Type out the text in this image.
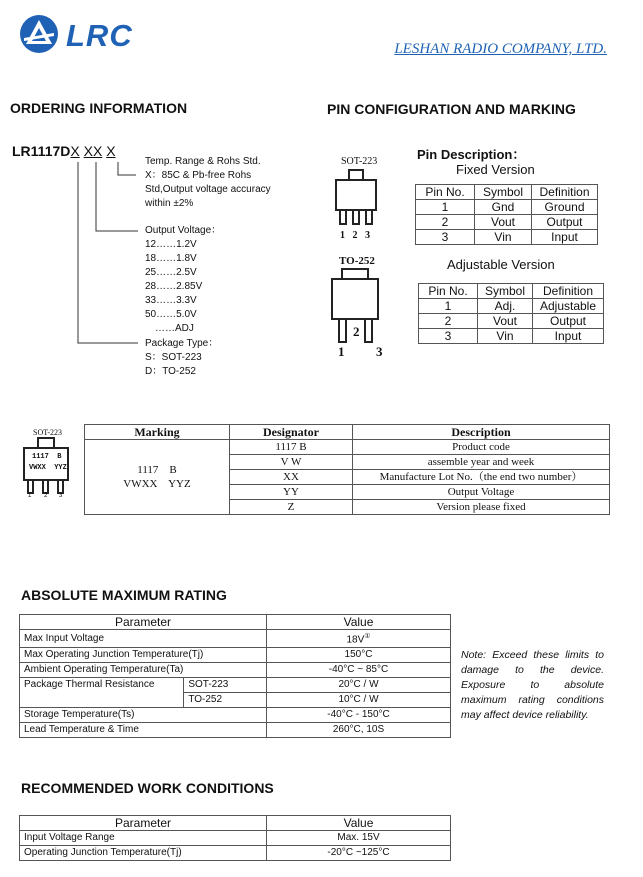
LRC	LESHAN RADIO COMPANY, LTD.
ORDERING INFORMATION
LR1117DX XX X
Temp. Range & Rohs Std.
X：85C & Pb-free Rohs
Std,Output voltage accuracy
within ±2%
Output Voltage：
12……1.2V
18……1.8V
25……2.5V
28……2.85V
33……3.3V
50……5.0V
……ADJ
Package Type：
S：SOT-223
D：TO-252
PIN CONFIGURATION AND MARKING
SOT-223
1 2 3
TO-252
2
1 3
Pin Description：
Fixed Version
Pin No.	Symbol	Definition
1	Gnd	Ground
2	Vout	Output
3	Vin	Input
Adjustable Version
Pin No.	Symbol	Definition
1	Adj.	Adjustable
2	Vout	Output
3	Vin	Input
SOT-223
1117  B
VWXX  YYZ
1 2 3
Marking	Designator	Description

1117    B
VWXX    YYZ	1117 B	Product code
	V W	assemble year and week
	XX	Manufacture Lot No.（the end two number）
	YY	Output Voltage
	Z	Version please fixed
ABSOLUTE MAXIMUM RATING
Parameter		Value
Max Input Voltage		18V①
Max Operating Junction Temperature(Tj)		150°C
Ambient Operating Temperature(Ta)		-40°C ~ 85°C
Package Thermal Resistance	SOT-223	20°C / W
	TO-252	10°C / W
Storage Temperature(Ts)		-40°C - 150°C
Lead Temperature & Time		260°C, 10S
Note: Exceed these limits to damage to the device. Exposure to absolute maximum rating conditions may affect device reliability.
RECOMMENDED WORK CONDITIONS
Parameter	Value
Input Voltage Range	Max. 15V
Operating Junction Temperature(Tj)	-20°C ~125°C
